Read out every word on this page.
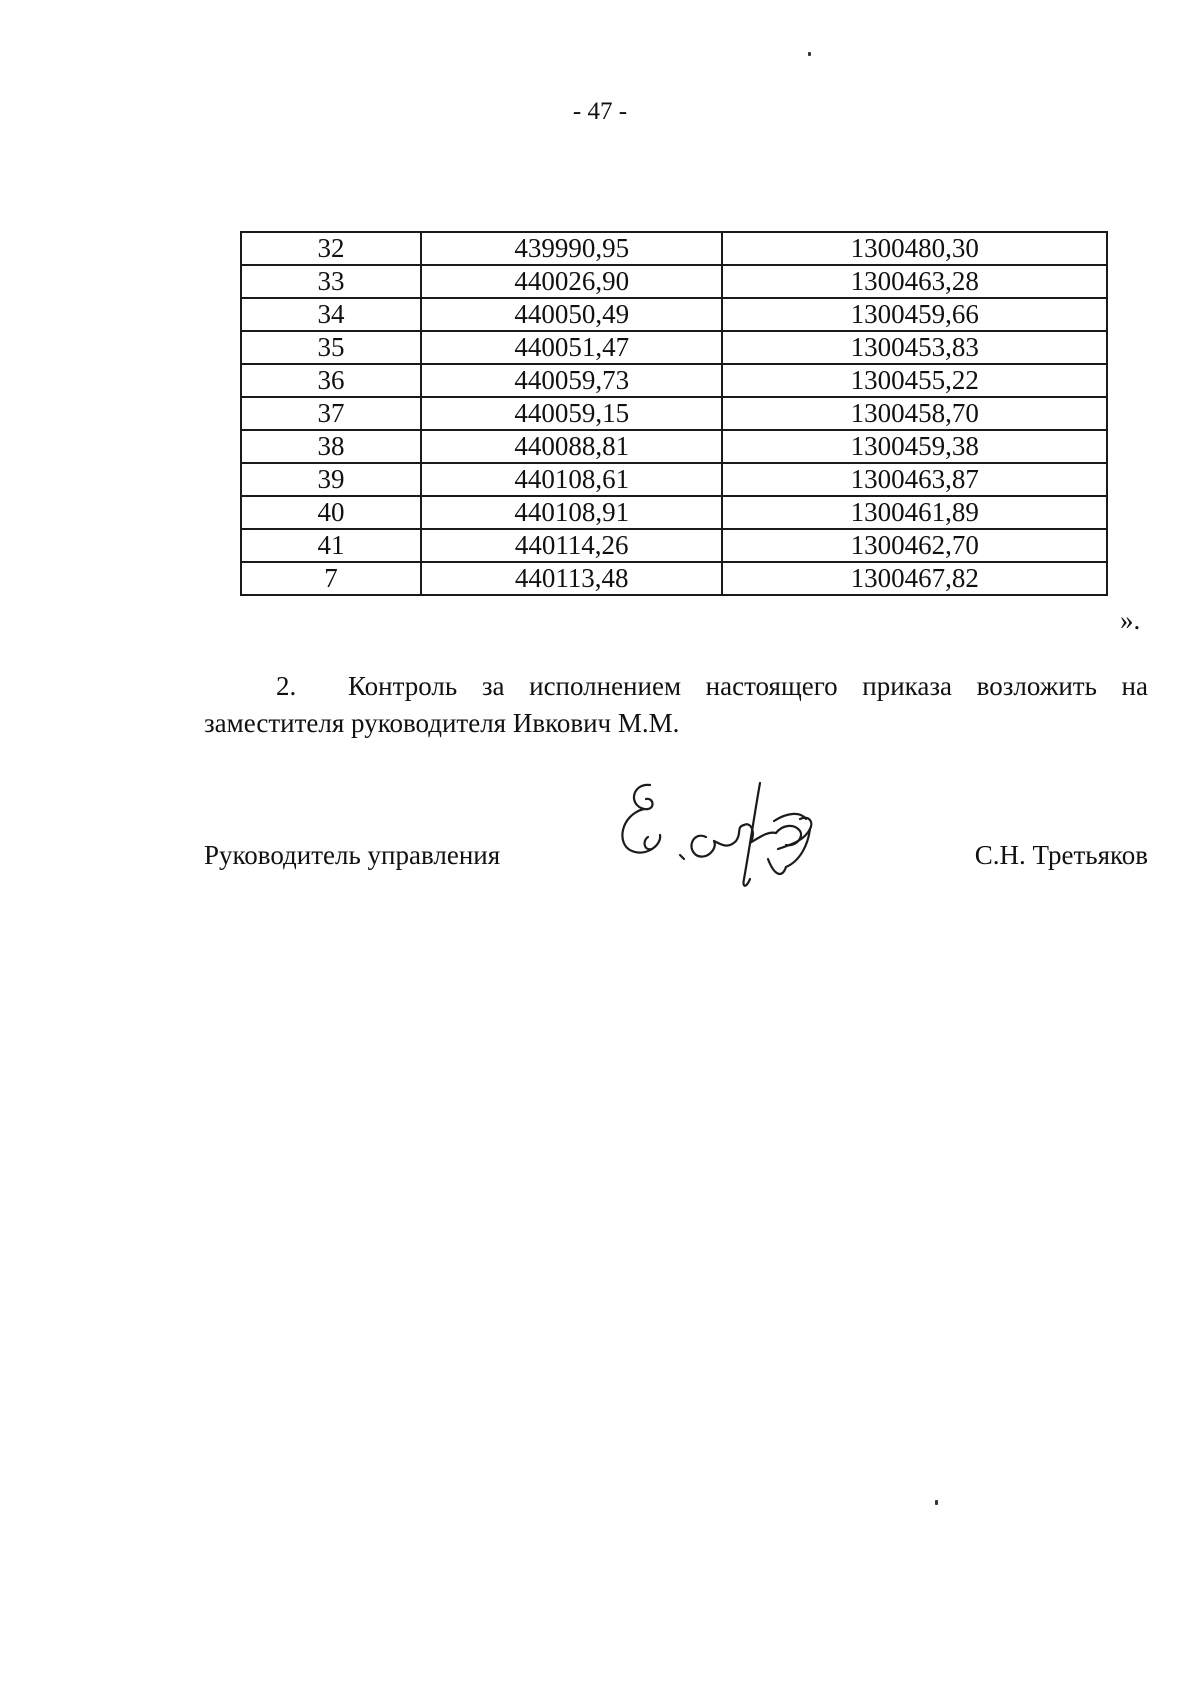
- 47 -
32	439990,95	1300480,30
33	440026,90	1300463,28
34	440050,49	1300459,66
35	440051,47	1300453,83
36	440059,73	1300455,22
37	440059,15	1300458,70
38	440088,81	1300459,38
39	440108,61	1300463,87
40	440108,91	1300461,89
41	440114,26	1300462,70
7	440113,48	1300467,82
».
2. Контроль за исполнением настоящего приказа возложить на заместителя руководителя Ивкович М.М.
Руководитель управления	С.Н. Третьяков
